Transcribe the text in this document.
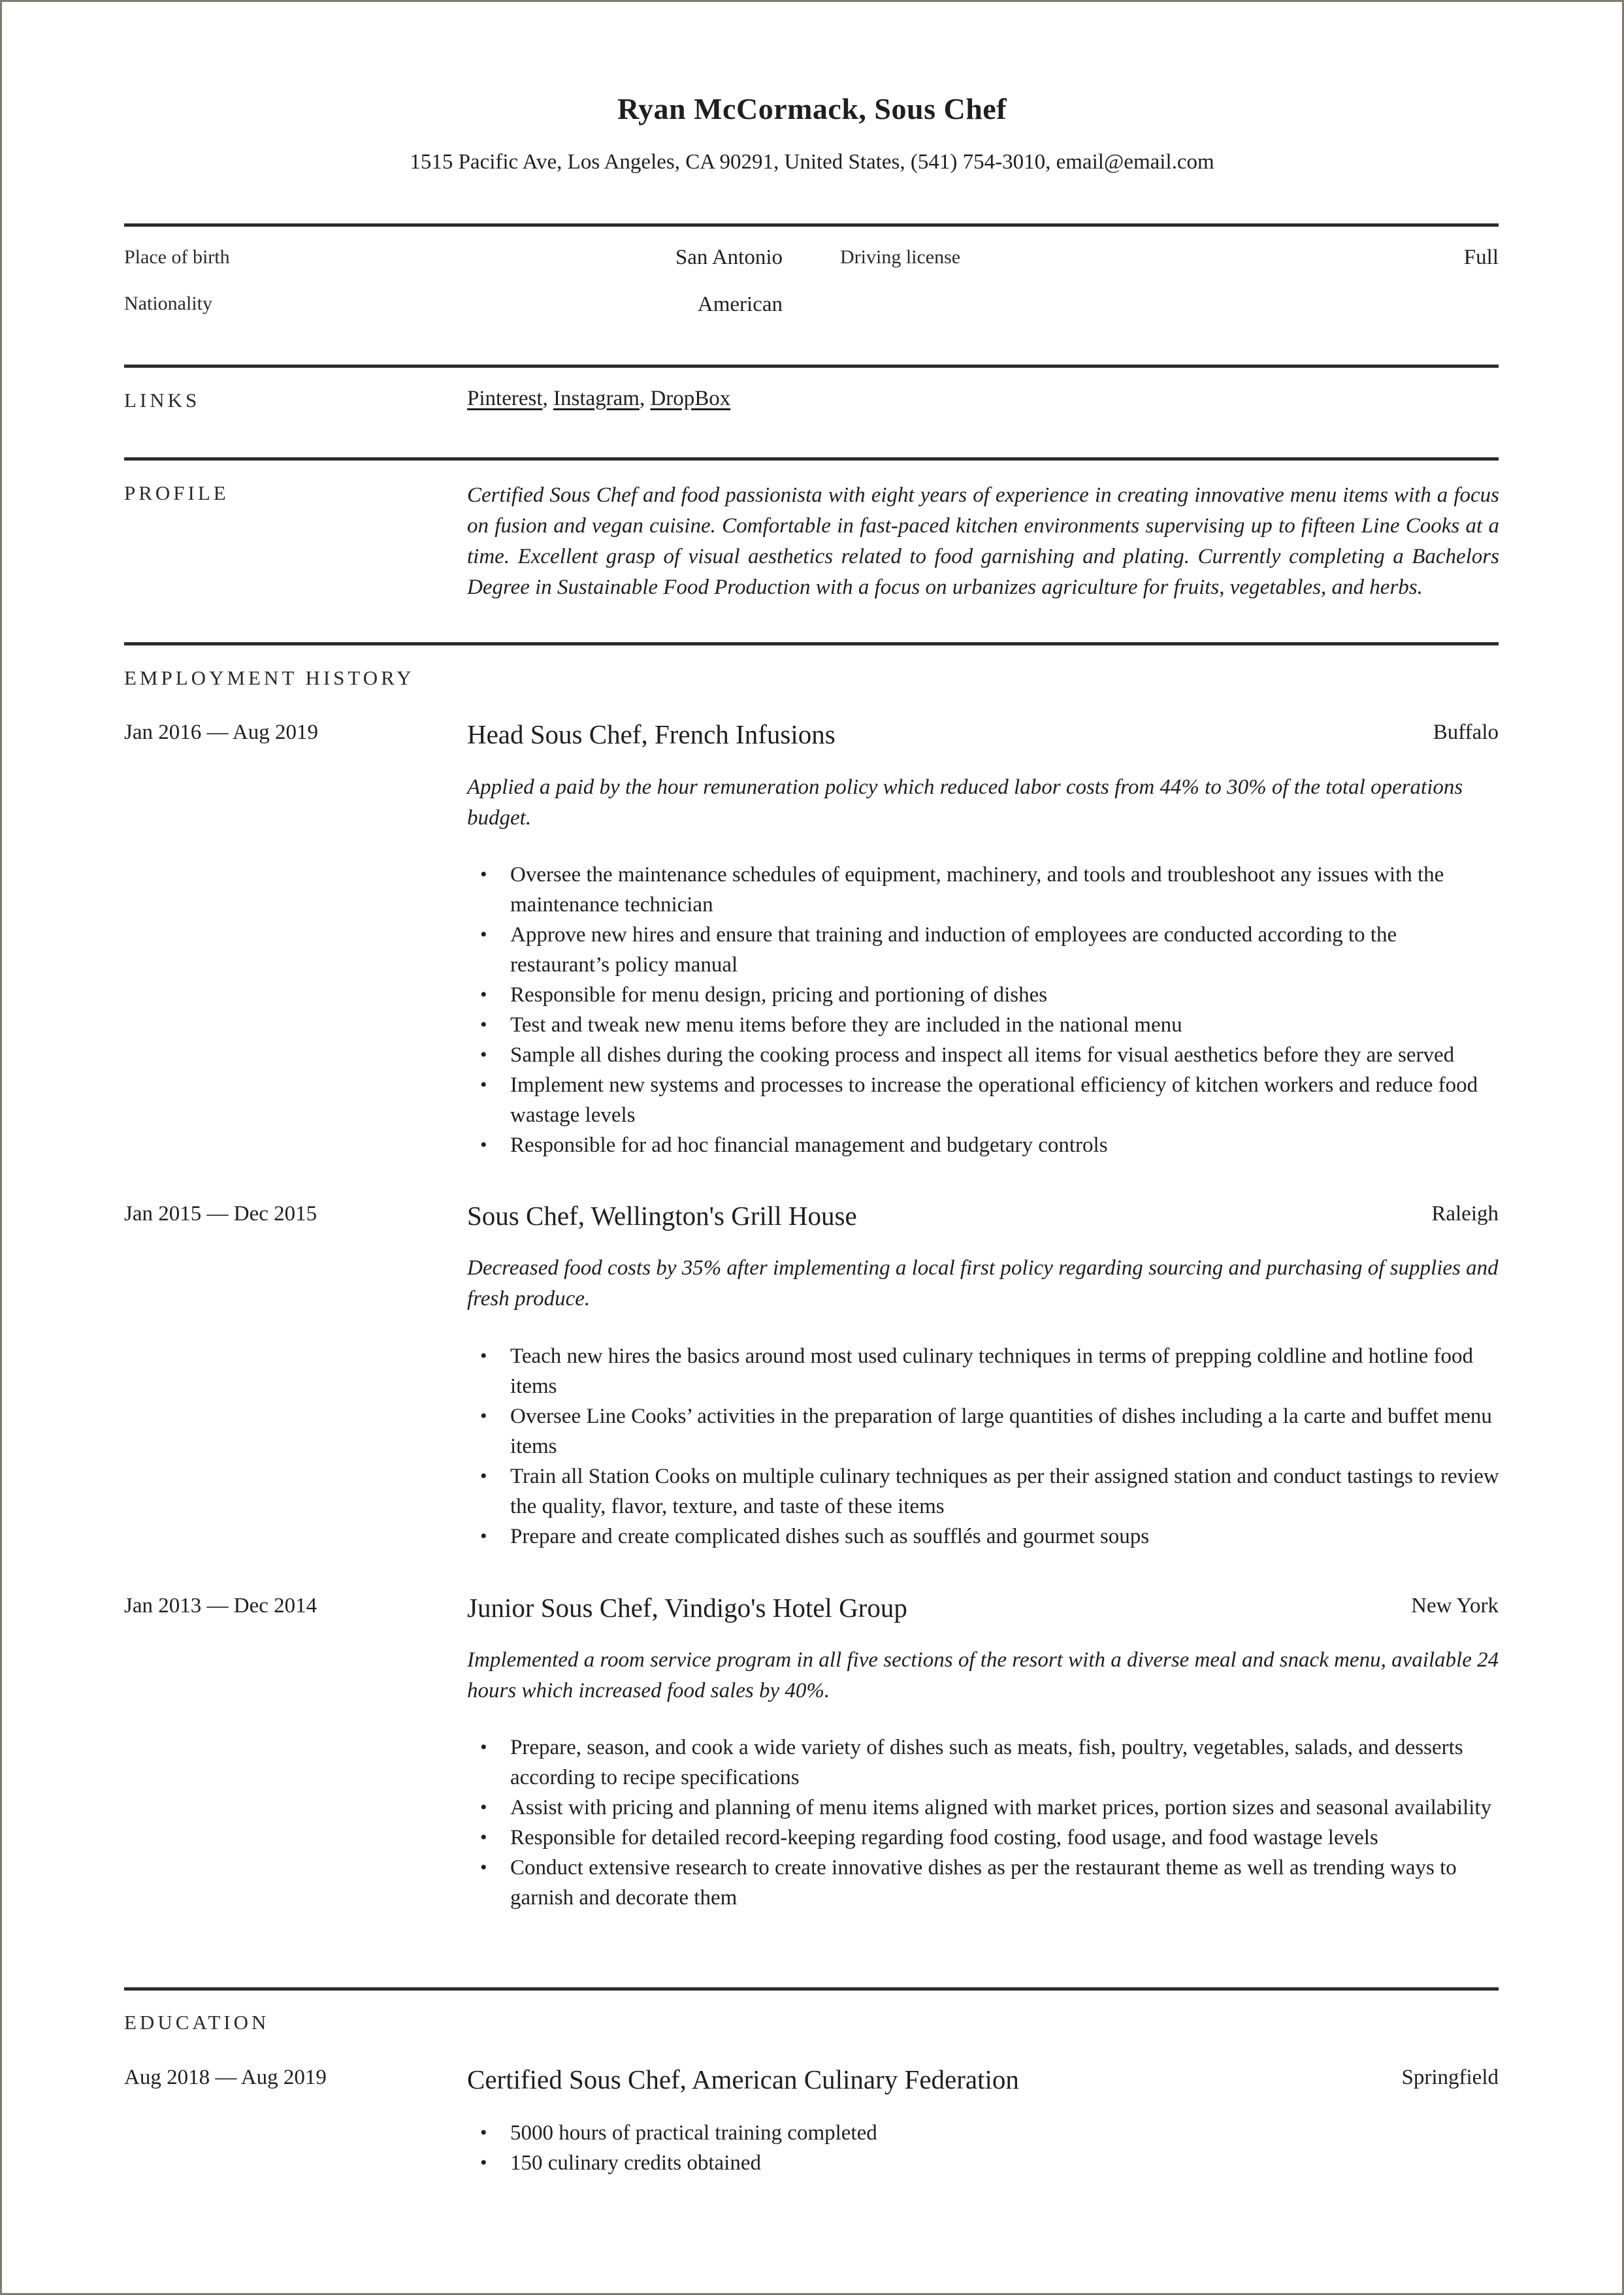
Ryan McCormack, Sous Chef
1515 Pacific Ave, Los Angeles, CA 90291, United States, (541) 754-3010, email@email.com
Place of birth	San Antonio	Driving license	Full
Nationality	American
LINKS	Pinterest, Instagram, DropBox
PROFILE	Certified Sous Chef and food passionista with eight years of experience in creating innovative menu items with a focus on fusion and vegan cuisine. Comfortable in fast-paced kitchen environments supervising up to fifteen Line Cooks at a time. Excellent grasp of visual aesthetics related to food garnishing and plating. Currently completing a Bachelors Degree in Sustainable Food Production with a focus on urbanizes agriculture for fruits, vegetables, and herbs.
EMPLOYMENT HISTORY
Jan 2016 — Aug 2019	Head Sous Chef, French Infusions	Buffalo
Applied a paid by the hour remuneration policy which reduced labor costs from 44% to 30% of the total operations budget.
• Oversee the maintenance schedules of equipment, machinery, and tools and troubleshoot any issues with the maintenance technician
• Approve new hires and ensure that training and induction of employees are conducted according to the restaurant’s policy manual
• Responsible for menu design, pricing and portioning of dishes
• Test and tweak new menu items before they are included in the national menu
• Sample all dishes during the cooking process and inspect all items for visual aesthetics before they are served
• Implement new systems and processes to increase the operational efficiency of kitchen workers and reduce food wastage levels
• Responsible for ad hoc financial management and budgetary controls
Jan 2015 — Dec 2015	Sous Chef, Wellington's Grill House	Raleigh
Decreased food costs by 35% after implementing a local first policy regarding sourcing and purchasing of supplies and fresh produce.
• Teach new hires the basics around most used culinary techniques in terms of prepping coldline and hotline food items
• Oversee Line Cooks’ activities in the preparation of large quantities of dishes including a la carte and buffet menu items
• Train all Station Cooks on multiple culinary techniques as per their assigned station and conduct tastings to review the quality, flavor, texture, and taste of these items
• Prepare and create complicated dishes such as soufflés and gourmet soups
Jan 2013 — Dec 2014	Junior Sous Chef, Vindigo's Hotel Group	New York
Implemented a room service program in all five sections of the resort with a diverse meal and snack menu, available 24 hours which increased food sales by 40%.
• Prepare, season, and cook a wide variety of dishes such as meats, fish, poultry, vegetables, salads, and desserts according to recipe specifications
• Assist with pricing and planning of menu items aligned with market prices, portion sizes and seasonal availability
• Responsible for detailed record-keeping regarding food costing, food usage, and food wastage levels
• Conduct extensive research to create innovative dishes as per the restaurant theme as well as trending ways to garnish and decorate them
EDUCATION
Aug 2018 — Aug 2019	Certified Sous Chef, American Culinary Federation	Springfield
• 5000 hours of practical training completed
• 150 culinary credits obtained
